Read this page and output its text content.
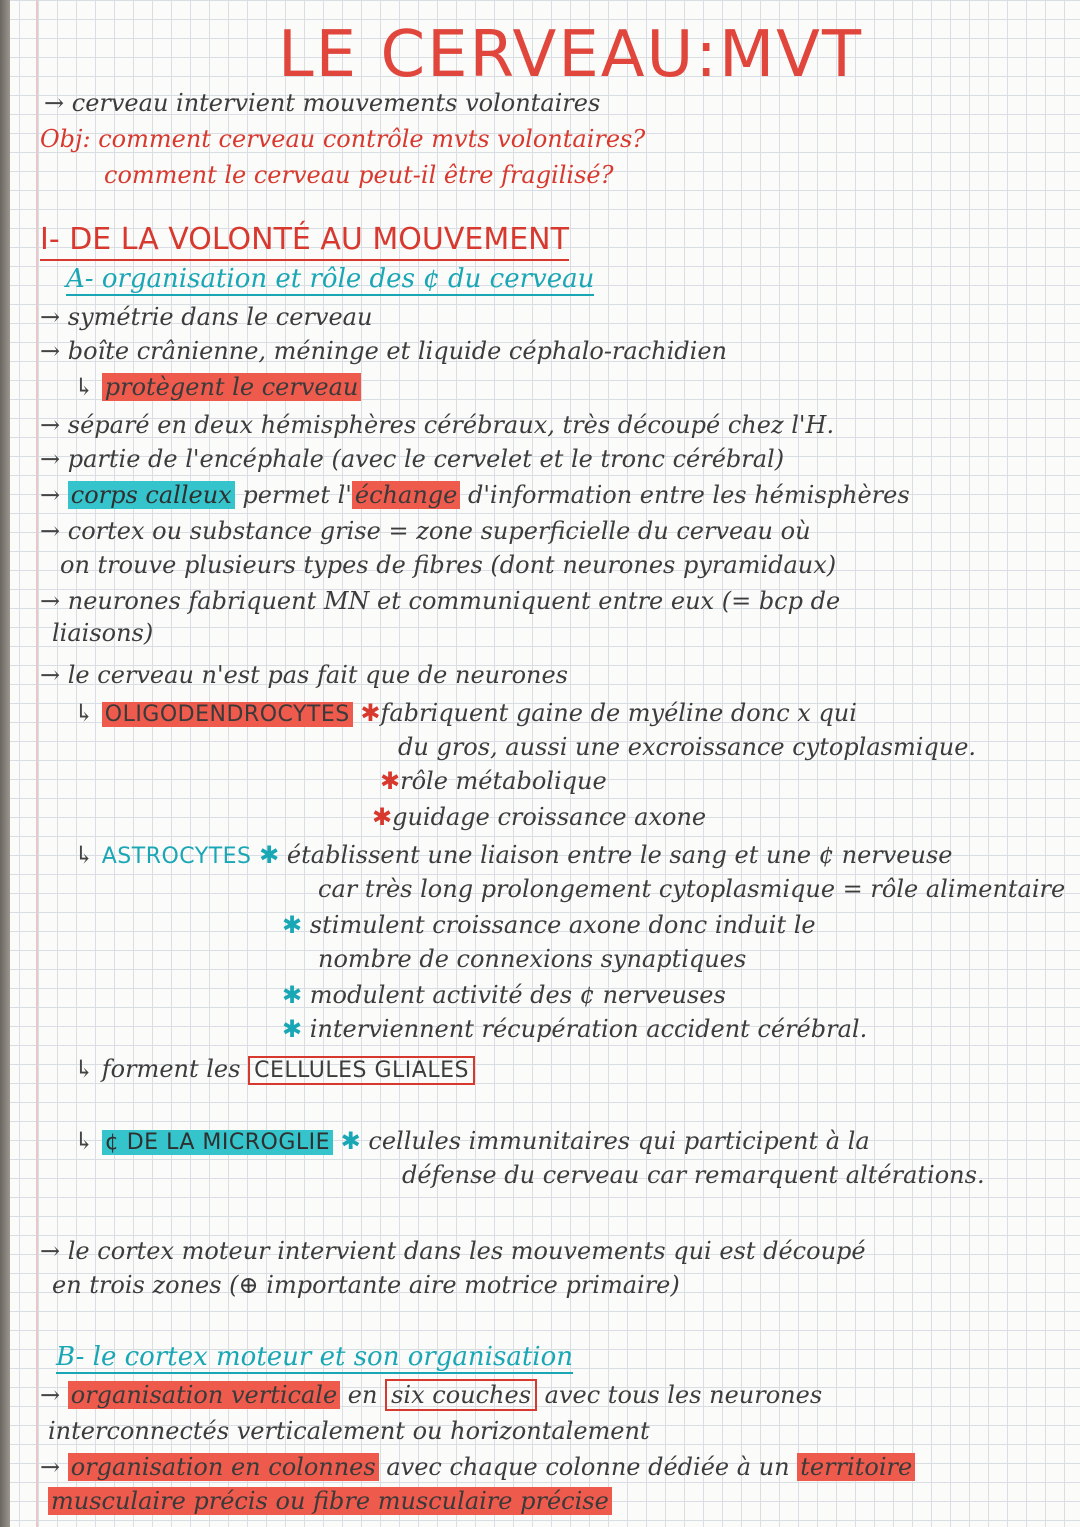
LE CERVEAU:MVT
→ cerveau intervient mouvements volontaires
Obj: comment cerveau contrôle mvts volontaires?
comment le cerveau peut-il être fragilisé?
I- DE LA VOLONTÉ AU MOUVEMENT
A- organisation et rôle des ¢ du cerveau
→ symétrie dans le cerveau
→ boîte crânienne, méninge et liquide céphalo-rachidien
↳ protègent le cerveau
→ séparé en deux hémisphères cérébraux, très découpé chez l'H.
→ partie de l'encéphale (avec le cervelet et le tronc cérébral)
→ corps calleux permet l' échange d'information entre les hémisphères
→ cortex ou substance grise = zone superficielle du cerveau où
on trouve plusieurs types de fibres (dont neurones pyramidaux)
→ neurones fabriquent MN et communiquent entre eux (= bcp de
liaisons)
→ le cerveau n'est pas fait que de neurones
↳ OLIGODENDROCYTES ✱fabriquent gaine de myéline donc x qui
du gros, aussi une excroissance cytoplasmique.
✱rôle métabolique
✱guidage croissance axone
↳ ASTROCYTES ✱ établissent une liaison entre le sang et une ¢ nerveuse
car très long prolongement cytoplasmique = rôle alimentaire
✱ stimulent croissance axone donc induit le
nombre de connexions synaptiques
✱ modulent activité des ¢ nerveuses
✱ interviennent récupération accident cérébral.
↳ forment les CELLULES GLIALES
↳ ¢ DE LA MICROGLIE ✱ cellules immunitaires qui participent à la
défense du cerveau car remarquent altérations.
→ le cortex moteur intervient dans les mouvements qui est découpé
en trois zones (⊕ importante aire motrice primaire)
B- le cortex moteur et son organisation
→ organisation verticale en six couches avec tous les neurones
interconnectés verticalement ou horizontalement
→ organisation en colonnes avec chaque colonne dédiée à un territoire
musculaire précis ou fibre musculaire précise
